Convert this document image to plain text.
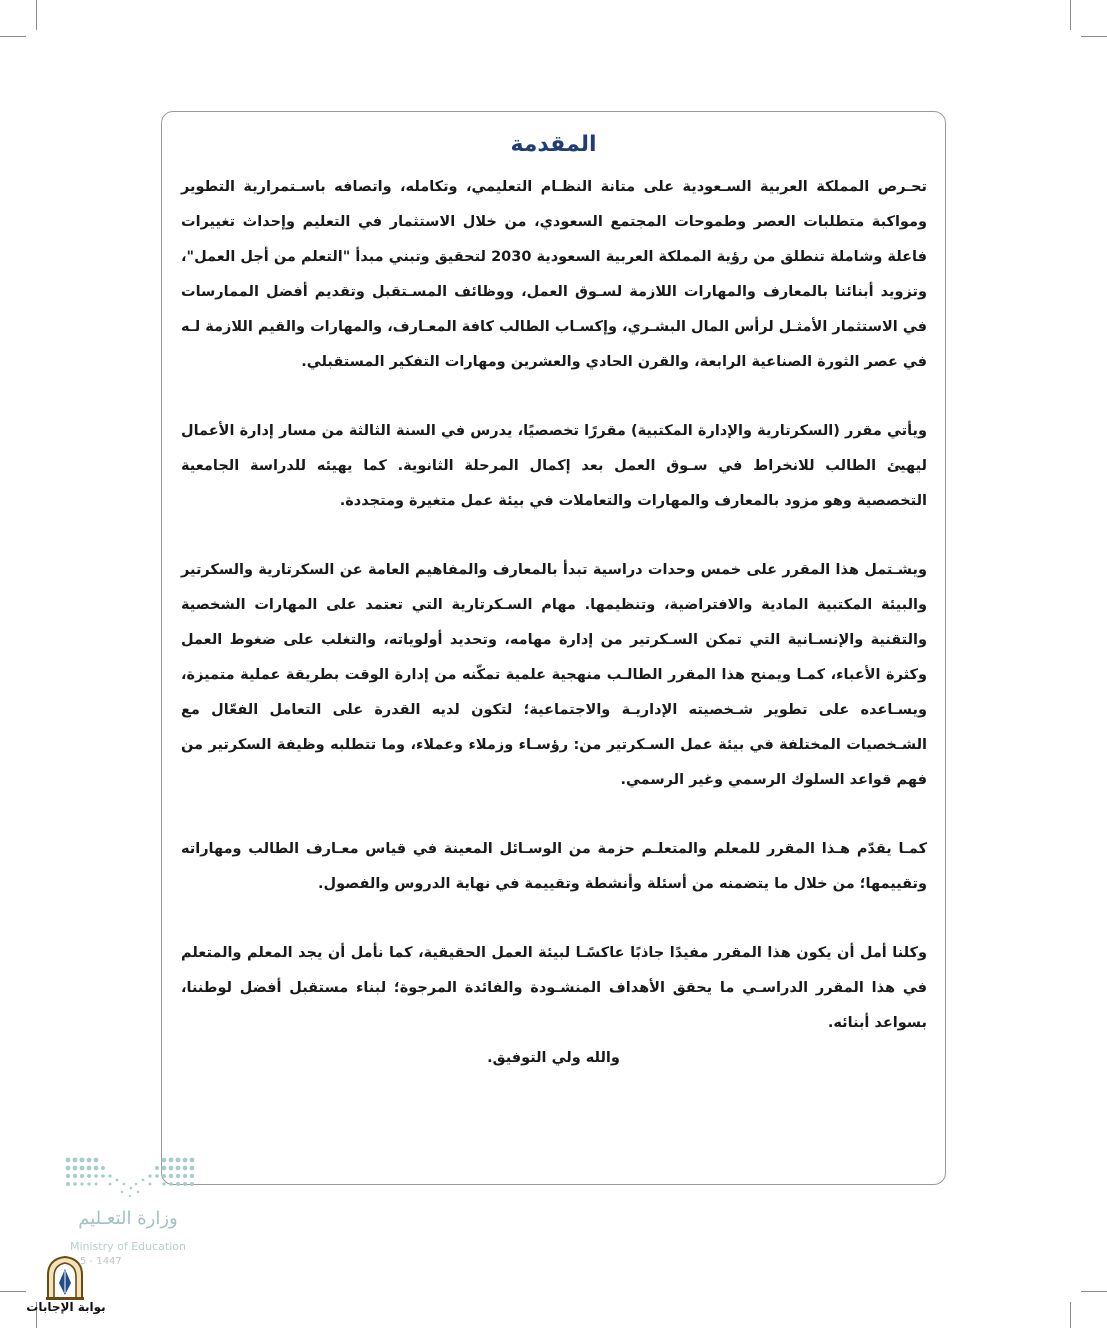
المقدمة

تحـرص المملكة العربية السـعودية على متانة النظـام التعليمي، وتكامله، واتصافه باسـتمرارية التطوير ومواكبة متطلبات العصر وطموحات المجتمع السعودي، من خلال الاستثمار في التعليم وإحداث تغييرات فاعلة وشاملة تنطلق من رؤية المملكة العربية السعودية 2030 لتحقيق وتبني مبدأ "التعلم من أجل العمل"، وتزويد أبنائنا بالمعارف والمهارات اللازمة لسـوق العمل، ووظائف المسـتقبل وتقديم أفضل الممارسات في الاستثمار الأمثـل لرأس المال البشـري، وإكسـاب الطالب كافة المعـارف، والمهارات والقيم اللازمة لـه في عصر الثورة الصناعية الرابعة، والقرن الحادي والعشرين ومهارات التفكير المستقبلي.

ويأتي مقرر (السكرتارية والإدارة المكتبية) مقررًا تخصصيًا، يدرس في السنة الثالثة من مسار إدارة الأعمال ليهيئ الطالب للانخراط في سـوق العمل بعد إكمال المرحلة الثانوية. كما يهيئه للدراسة الجامعية التخصصية وهو مزود بالمعارف والمهارات والتعاملات في بيئة عمل متغيرة ومتجددة.

ويشـتمل هذا المقرر على خمس وحدات دراسية تبدأ بالمعارف والمفاهيم العامة عن السكرتارية والسكرتير والبيئة المكتبية المادية والافتراضية، وتنظيمها. مهام السـكرتارية التي تعتمد على المهارات الشخصية والتقنية والإنسـانية التي تمكن السـكرتير من إدارة مهامه، وتحديد أولوياته، والتغلب على ضغوط العمل وكثرة الأعباء، كمـا ويمنح هذا المقرر الطالـب منهجية علمية تمكّنه من إدارة الوقت بطريقة عملية متميزة، ويسـاعده على تطوير شـخصيته الإداريـة والاجتماعية؛ لتكون لديه القدرة على التعامل الفعّال مع الشـخصيات المختلفة في بيئة عمل السـكرتير من: رؤسـاء وزملاء وعملاء، وما تتطلبه وظيفة السكرتير من فهم قواعد السلوك الرسمي وغير الرسمي.

كمـا يقدّم هـذا المقرر للمعلم والمتعلـم حزمة من الوسـائل المعينة في قياس معـارف الطالب ومهاراته وتقييمها؛ من خلال ما يتضمنه من أسئلة وأنشطة وتقييمة في نهاية الدروس والفصول.

وكلنا أمل أن يكون هذا المقرر مفيدًا جاذبًا عاكسًـا لبيئة العمل الحقيقية، كما نأمل أن يجد المعلم والمتعلم في هذا المقرر الدراسـي ما يحقق الأهداف المنشـودة والفائدة المرجوة؛ لبناء مستقبل أفضل لوطننا، بسواعد أبنائه.

والله ولي التوفيق.
وزارة التعـليم
Ministry of Education
5 - 1447
بوابة الإجابات
